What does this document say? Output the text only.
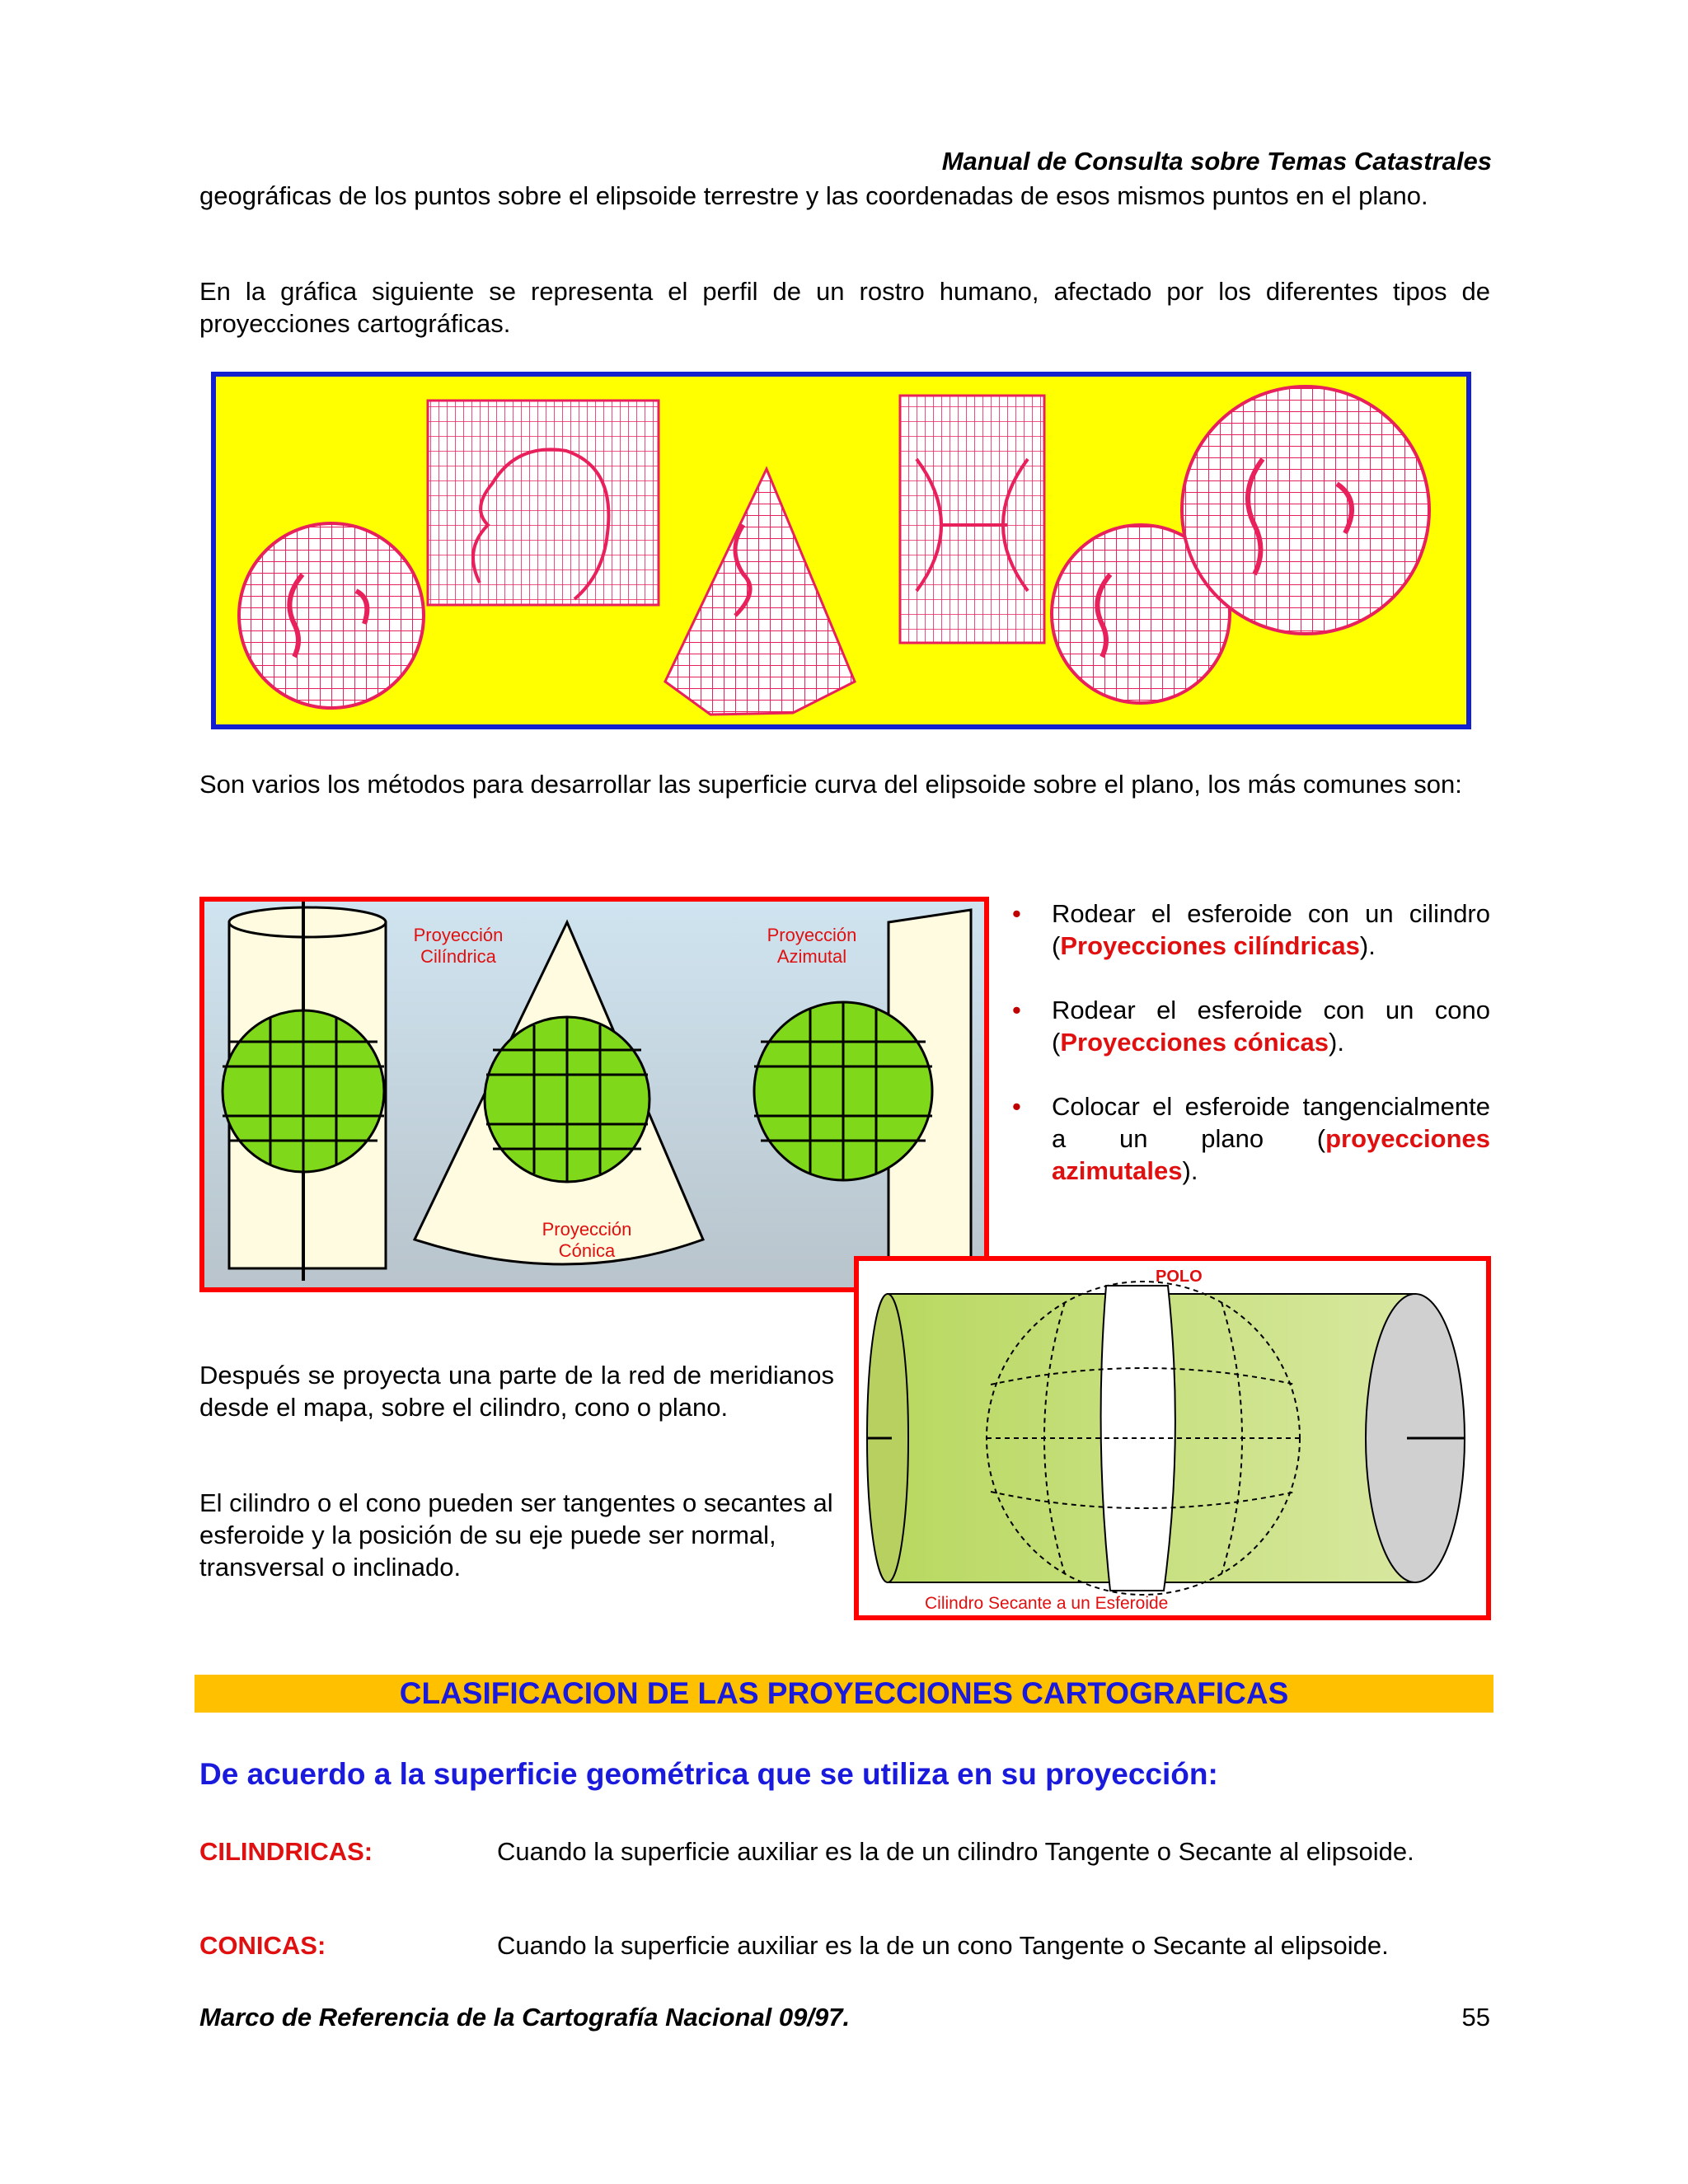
Manual de Consulta sobre Temas Catastrales
geográficas de los puntos sobre el elipsoide terrestre y las coordenadas de esos mismos puntos en el plano.
En la gráfica siguiente se representa el perfil de un rostro humano, afectado por los diferentes tipos de proyecciones cartográficas.
Son varios los métodos para desarrollar las superficie curva del elipsoide sobre el plano, los más comunes son:
Proyección Cilíndrica
Proyección Azimutal
Proyección Cónica
• Rodear el esferoide con un cilindro (Proyecciones cilíndricas).
• Rodear el esferoide con un cono (Proyecciones cónicas).
• Colocar el esferoide tangencialmente a un plano (proyecciones azimutales).
Después se proyecta una parte de la red de meridianos desde el mapa, sobre el cilindro, cono o plano.
El cilindro o el cono pueden ser tangentes o secantes al esferoide y la posición de su eje puede ser normal, transversal o inclinado.
POLO
Cilindro Secante a un Esferoide
CLASIFICACION DE LAS PROYECCIONES CARTOGRAFICAS
De acuerdo a la superficie geométrica que se utiliza en su proyección:
CILINDRICAS:	Cuando la superficie auxiliar es la de un cilindro Tangente o Secante al elipsoide.
CONICAS:	Cuando la superficie auxiliar es la de un cono Tangente o Secante al elipsoide.
Marco de Referencia de la Cartografía Nacional 09/97.	55
